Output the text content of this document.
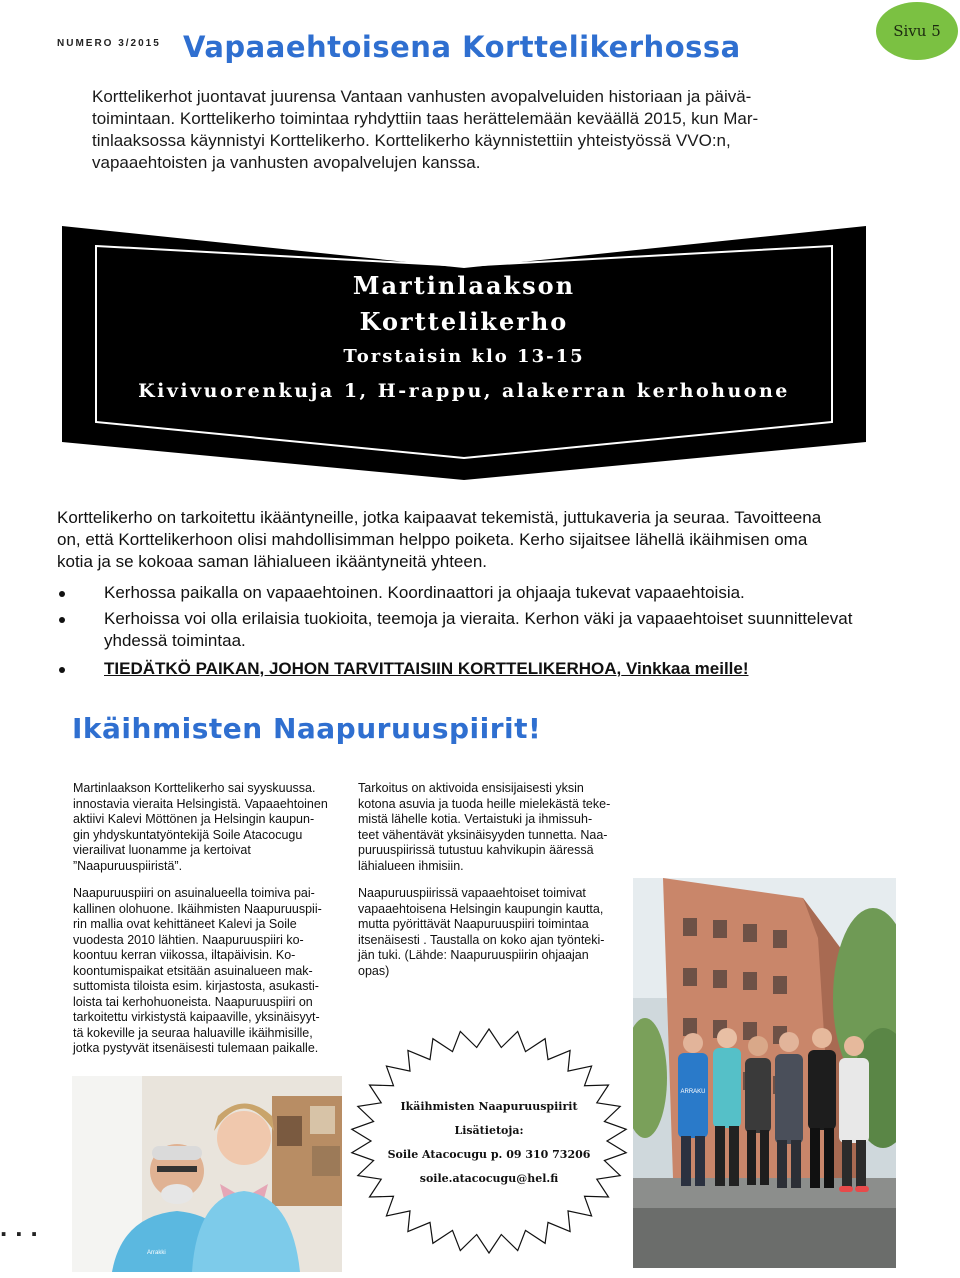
NUMERO 3/2015 Vapaaehtoisena Korttelikerhossa	Sivu 5

Korttelikerhot juontavat juurensa Vantaan vanhusten avopalveluiden historiaan ja päivä-

toimintaan. Korttelikerho toimintaa ryhdyttiin taas herättelemään keväällä 2015, kun Mar-

tinlaaksossa käynnistyi Korttelikerho. Korttelikerho käynnistettiin yhteistyössä VVO:n,

vapaaehtoisten ja vanhusten avopalvelujen kanssa.

Martinlaakson
Korttelikerho
Torstaisin klo 13-15
Kivivuorenkuja 1, H-rappu, alakerran kerhohuone

Korttelikerho on tarkoitettu ikääntyneille, jotka kaipaavat tekemistä, juttukaveria ja seuraa. Tavoitteena

on, että Korttelikerhoon olisi mahdollisimman helppo poiketa. Kerho sijaitsee lähellä ikäihmisen oma

kotia ja se kokoaa saman lähialueen ikääntyneitä yhteen.

Kerhossa paikalla on vapaaehtoinen. Koordinaattori ja ohjaaja tukevat vapaaehtoisia.
Kerhoissa voi olla erilaisia tuokioita, teemoja ja vieraita. Kerhon väki ja vapaaehtoiset suunnittelevat yhdessä toimintaa.
TIEDÄTKÖ PAIKAN, JOHON TARVITTAISIIN KORTTELIKERHOA, Vinkkaa meille!
Ikäihmisten Naapuruuspiirit!

Martinlaakson Korttelikerho sai syyskuussa.
innostavia vieraita Helsingistä. Vapaaehtoinen
aktiivi Kalevi Möttönen ja Helsingin kaupun-
gin yhdyskuntatyöntekijä Soile Atacocugu
vierailivat luonamme ja kertoivat
”Naapuruuspiiristä”.

Naapuruuspiiri on asuinalueella toimiva pai-
kallinen olohuone. Ikäihmisten Naapuruuspii-
rin mallia ovat kehittäneet Kalevi ja Soile
vuodesta 2010 lähtien. Naapuruuspiiri ko-
koontuu kerran viikossa, iltapäivisin. Ko-
koontumispaikat etsitään asuinalueen mak-
suttomista tiloista esim. kirjastosta, asukasti-
loista tai kerhohuoneista. Naapuruuspiiri on
tarkoitettu virkistystä kaipaaville, yksinäisyyt-
tä kokeville ja seuraa haluaville ikäihmisille,
jotka pystyvät itsenäisesti tulemaan paikalle.

Tarkoitus on aktivoida ensisijaisesti yksin
kotona asuvia ja tuoda heille mielekästä teke-
mistä lähelle kotia. Vertaistuki ja ihmissuh-
teet vähentävät yksinäisyyden tunnetta. Naa-
puruuspiirissä tutustuu kahvikupin ääressä
lähialueen ihmisiin.

Naapuruuspiirissä vapaaehtoiset toimivat
vapaaehtoisena Helsingin kaupungin kautta,
mutta pyörittävät Naapuruuspiiri toimintaa
itsenäisesti . Taustalla on koko ajan työnteki-
jän tuki. (Lähde: Naapuruuspiirin ohjaajan
opas)

ARRAKU
Arrakki
Ikäihmisten Naapuruuspiirit
Lisätietoja:
Soile Atacocugu p. 09 310 73206
soile.atacocugu@hel.fi
...
